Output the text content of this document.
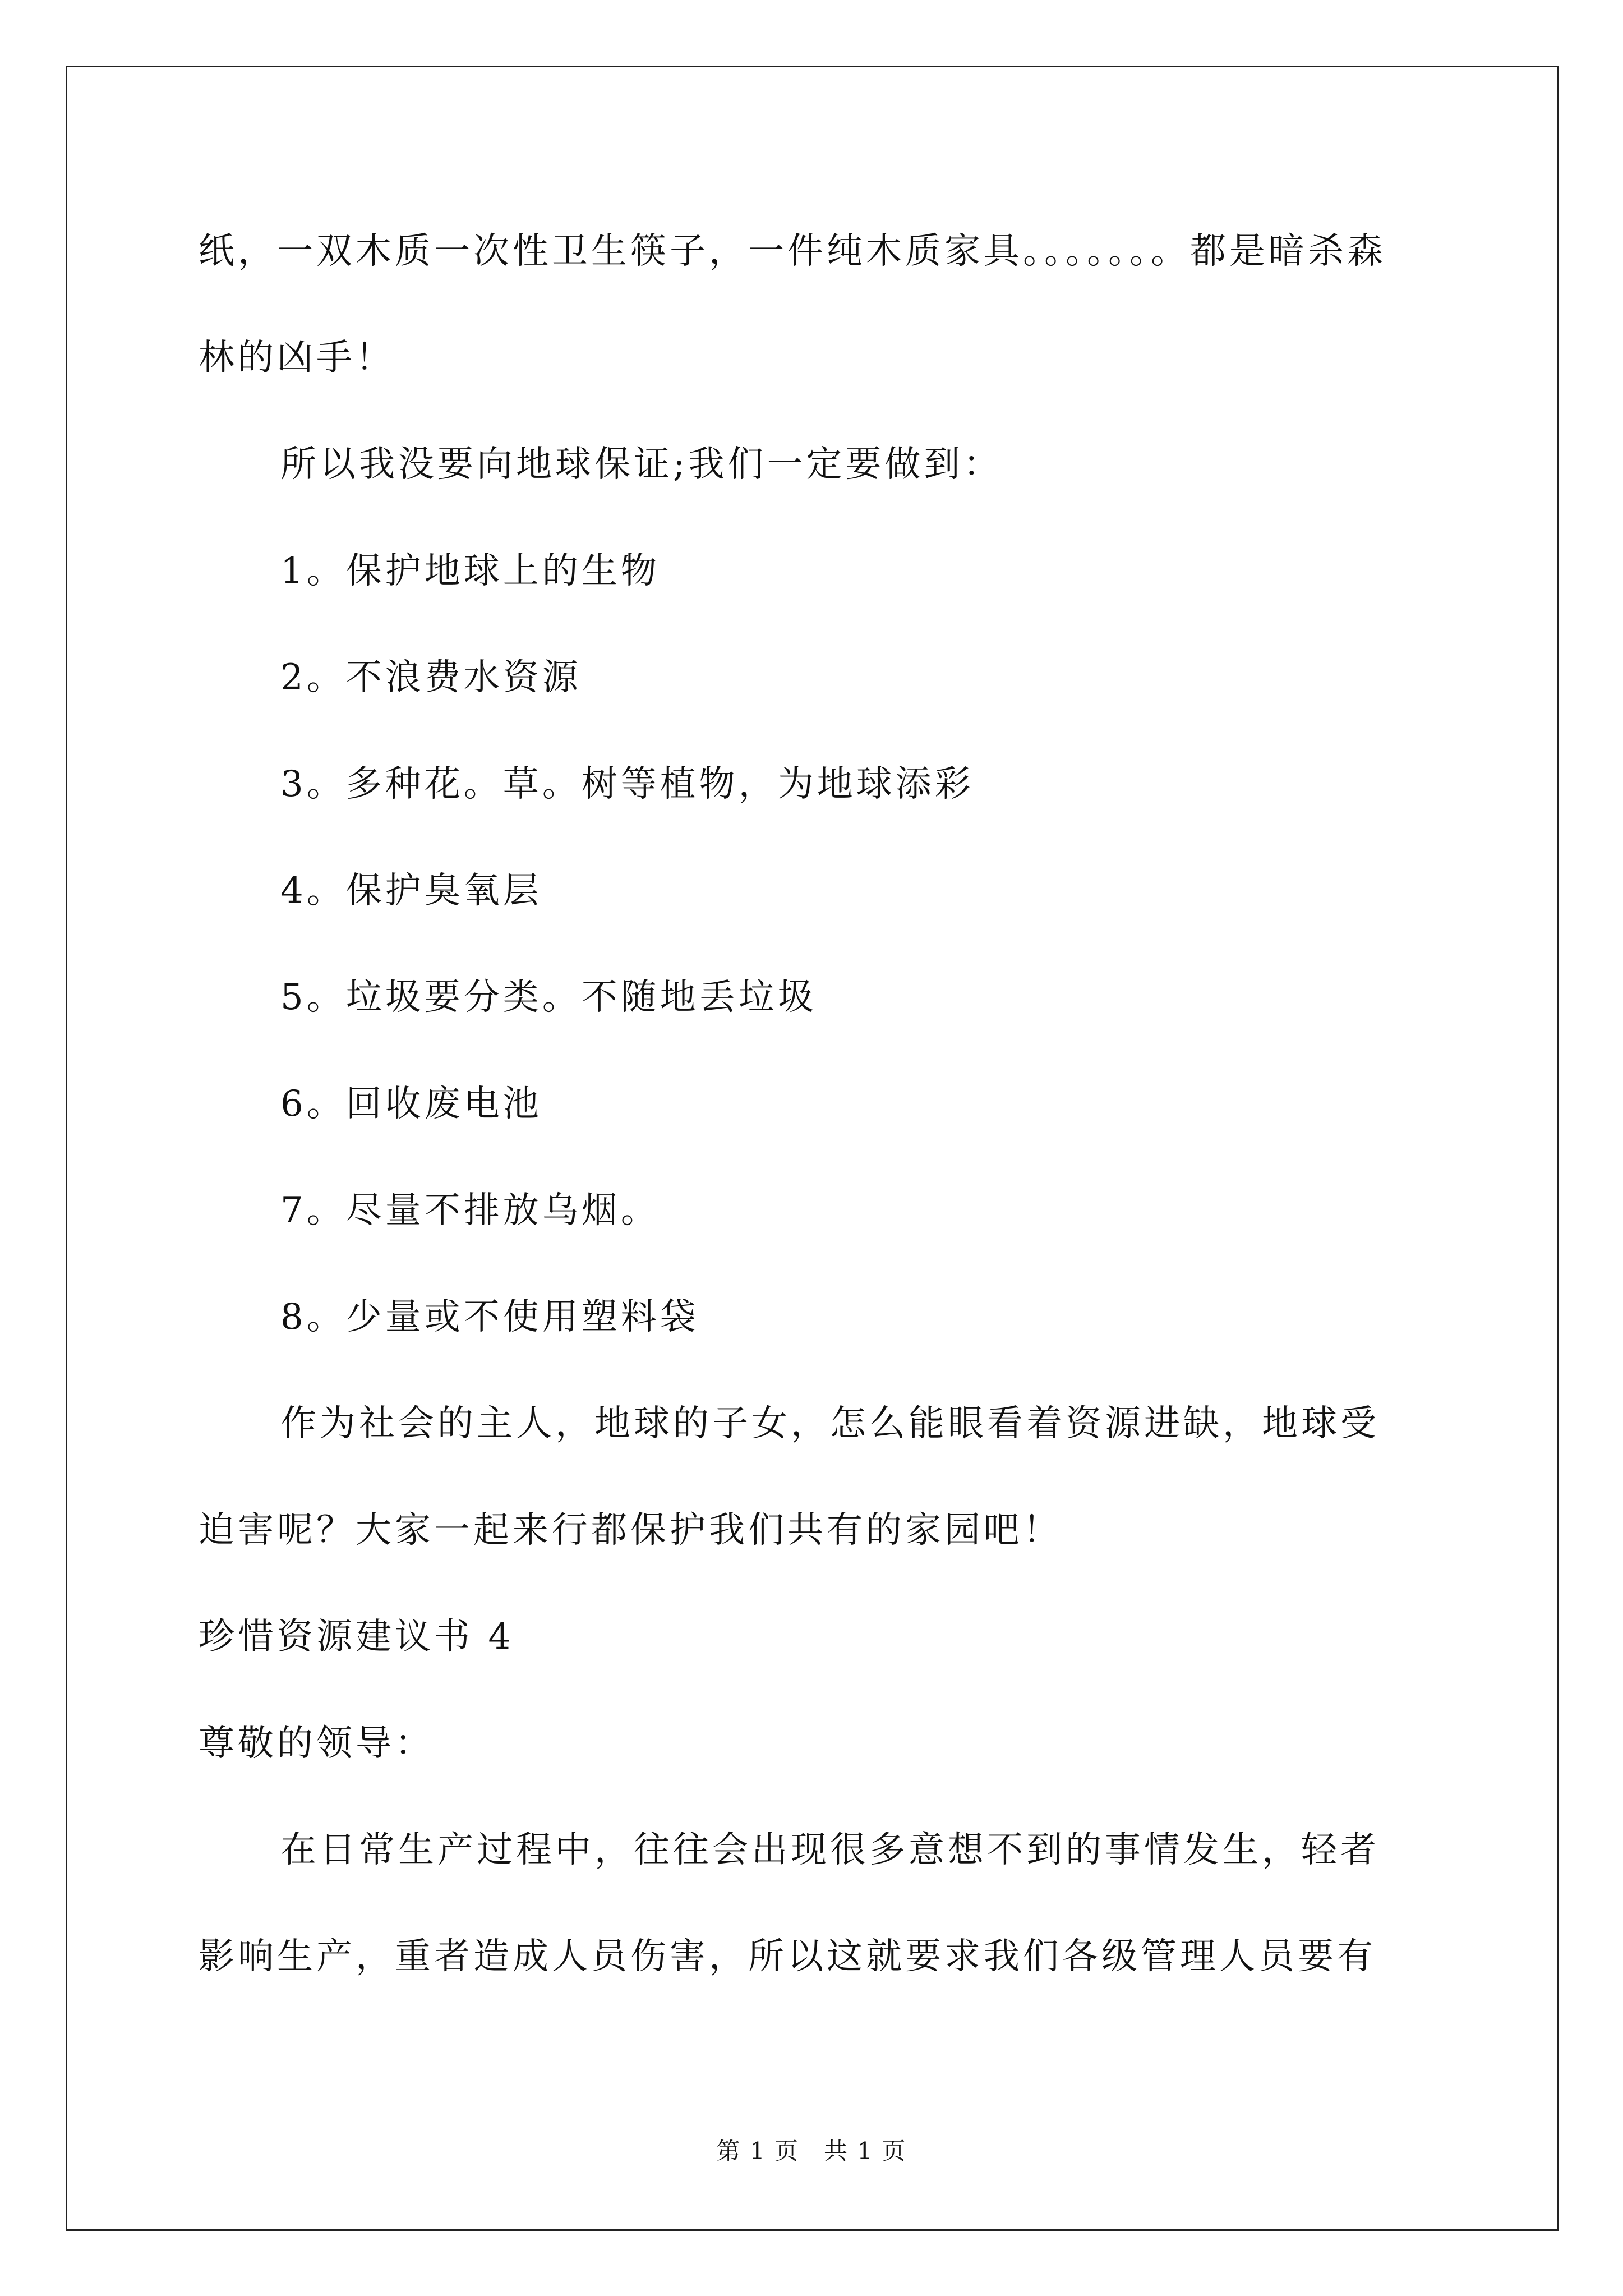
纸，一双木质一次性卫生筷子，一件纯木质家具。。。。。。。都是暗杀森
林的凶手！
所以我没要向地球保证;我们一定要做到：
1。保护地球上的生物
2。不浪费水资源
3。多种花。草。树等植物，为地球添彩
4。保护臭氧层
5。垃圾要分类。不随地丢垃圾
6。回收废电池
7。尽量不排放乌烟。
8。少量或不使用塑料袋
作为社会的主人，地球的子女，怎么能眼看着资源进缺，地球受
迫害呢？大家一起来行都保护我们共有的家园吧！
珍惜资源建议书 4
尊敬的领导：
在日常生产过程中，往往会出现很多意想不到的事情发生，轻者
影响生产，重者造成人员伤害，所以这就要求我们各级管理人员要有
第 1 页　共 1 页
